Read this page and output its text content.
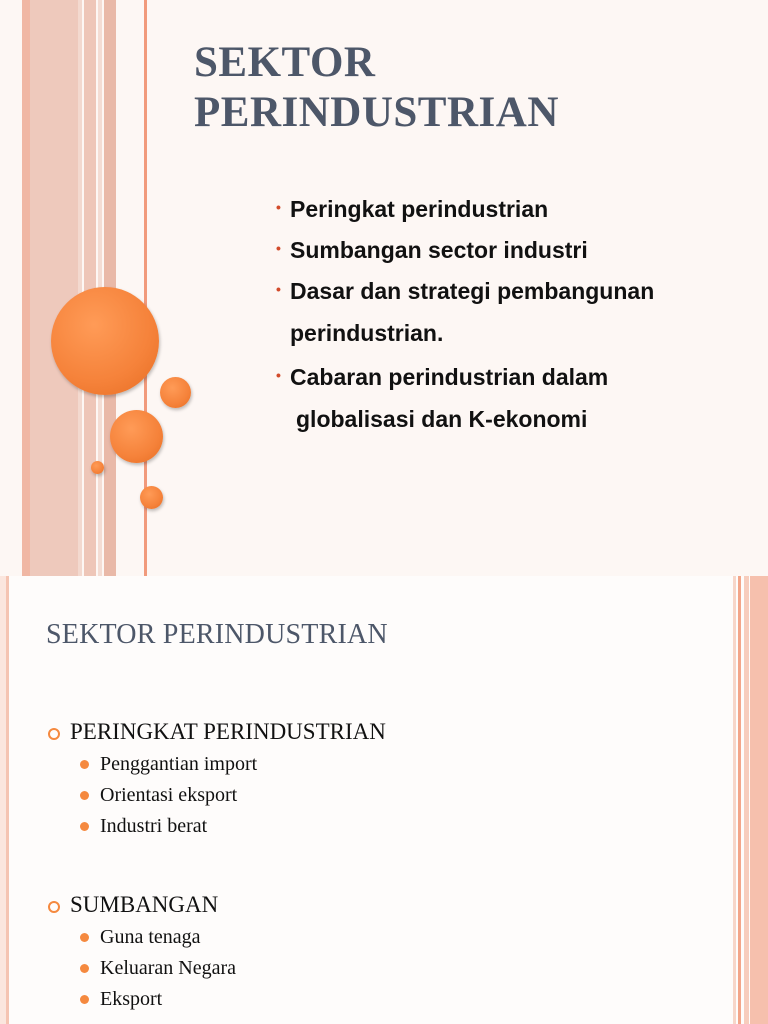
SEKTOR
PERINDUSTRIAN
• Peringkat perindustrian
• Sumbangan sector industri
• Dasar dan strategi pembangunan
perindustrian.
• Cabaran perindustrian dalam
globalisasi dan K-ekonomi
SEKTOR PERINDUSTRIAN
PERINGKAT PERINDUSTRIAN
Penggantian import
Orientasi eksport
Industri berat
SUMBANGAN
Guna tenaga
Keluaran Negara
Eksport
